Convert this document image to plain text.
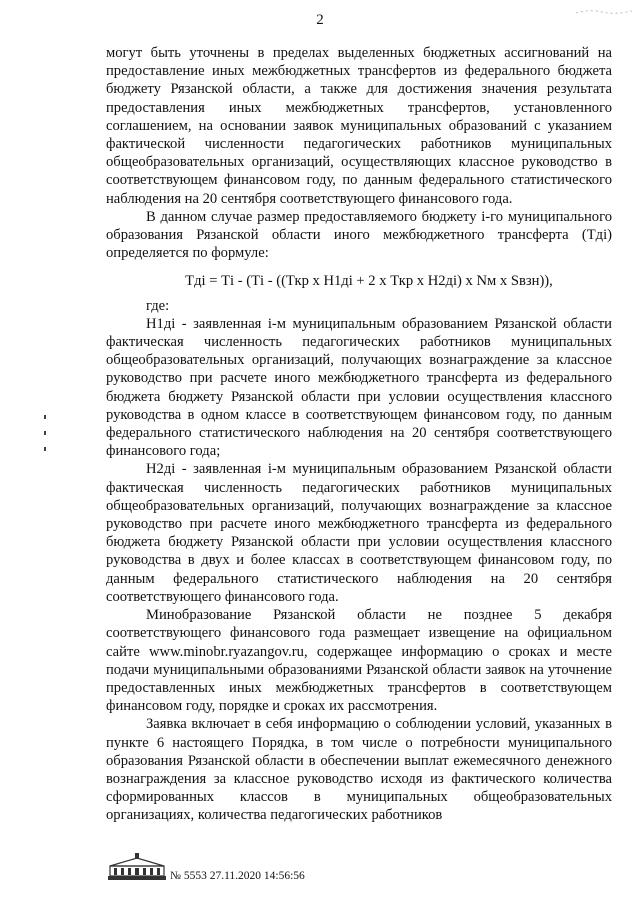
2

могут быть уточнены в пределах выделенных бюджетных ассигнований на предоставление иных межбюджетных трансфертов из федерального бюджета бюджету Рязанской области, а также для достижения значения результата предоставления иных межбюджетных трансфертов, установленного соглашением, на основании заявок муниципальных образований с указанием фактической численности педагогических работников муниципальных общеобразовательных организаций, осуществляющих классное руководство в соответствующем финансовом году, по данным федерального статистического наблюдения на 20 сентября соответствующего финансового года.

В данном случае размер предоставляемого бюджету i-го муниципального образования Рязанской области иного межбюджетного трансферта (Тдi) определяется по формуле:

Тдi = Тi - (Тi - ((Ткр х Н1дi + 2 х Ткр х Н2дi) х Nм х Sвзн)),

где:

Н1дi - заявленная i-м муниципальным образованием Рязанской области фактическая численность педагогических работников муниципальных общеобразовательных организаций, получающих вознаграждение за классное руководство при расчете иного межбюджетного трансферта из федерального бюджета бюджету Рязанской области при условии осуществления классного руководства в одном классе в соответствующем финансовом году, по данным федерального статистического наблюдения на 20 сентября соответствующего финансового года;

Н2дi - заявленная i-м муниципальным образованием Рязанской области фактическая численность педагогических работников муниципальных общеобразовательных организаций, получающих вознаграждение за классное руководство при расчете иного межбюджетного трансферта из федерального бюджета бюджету Рязанской области при условии осуществления классного руководства в двух и более классах в соответствующем финансовом году, по данным федерального статистического наблюдения на 20 сентября соответствующего финансового года.

Минобразование Рязанской области не позднее 5 декабря соответствующего финансового года размещает извещение на официальном сайте www.minobr.ryazangov.ru, содержащее информацию о сроках и месте подачи муниципальными образованиями Рязанской области заявок на уточнение предоставленных иных межбюджетных трансфертов в соответствующем финансовом году, порядке и сроках их рассмотрения.

Заявка включает в себя информацию о соблюдении условий, указанных в пункте 6 настоящего Порядка, в том числе о потребности муниципального образования Рязанской области в обеспечении выплат ежемесячного денежного вознаграждения за классное руководство исходя из фактического количества сформированных классов в муниципальных общеобразовательных организациях, количества педагогических работников

№ 5553 27.11.2020 14:56:56
